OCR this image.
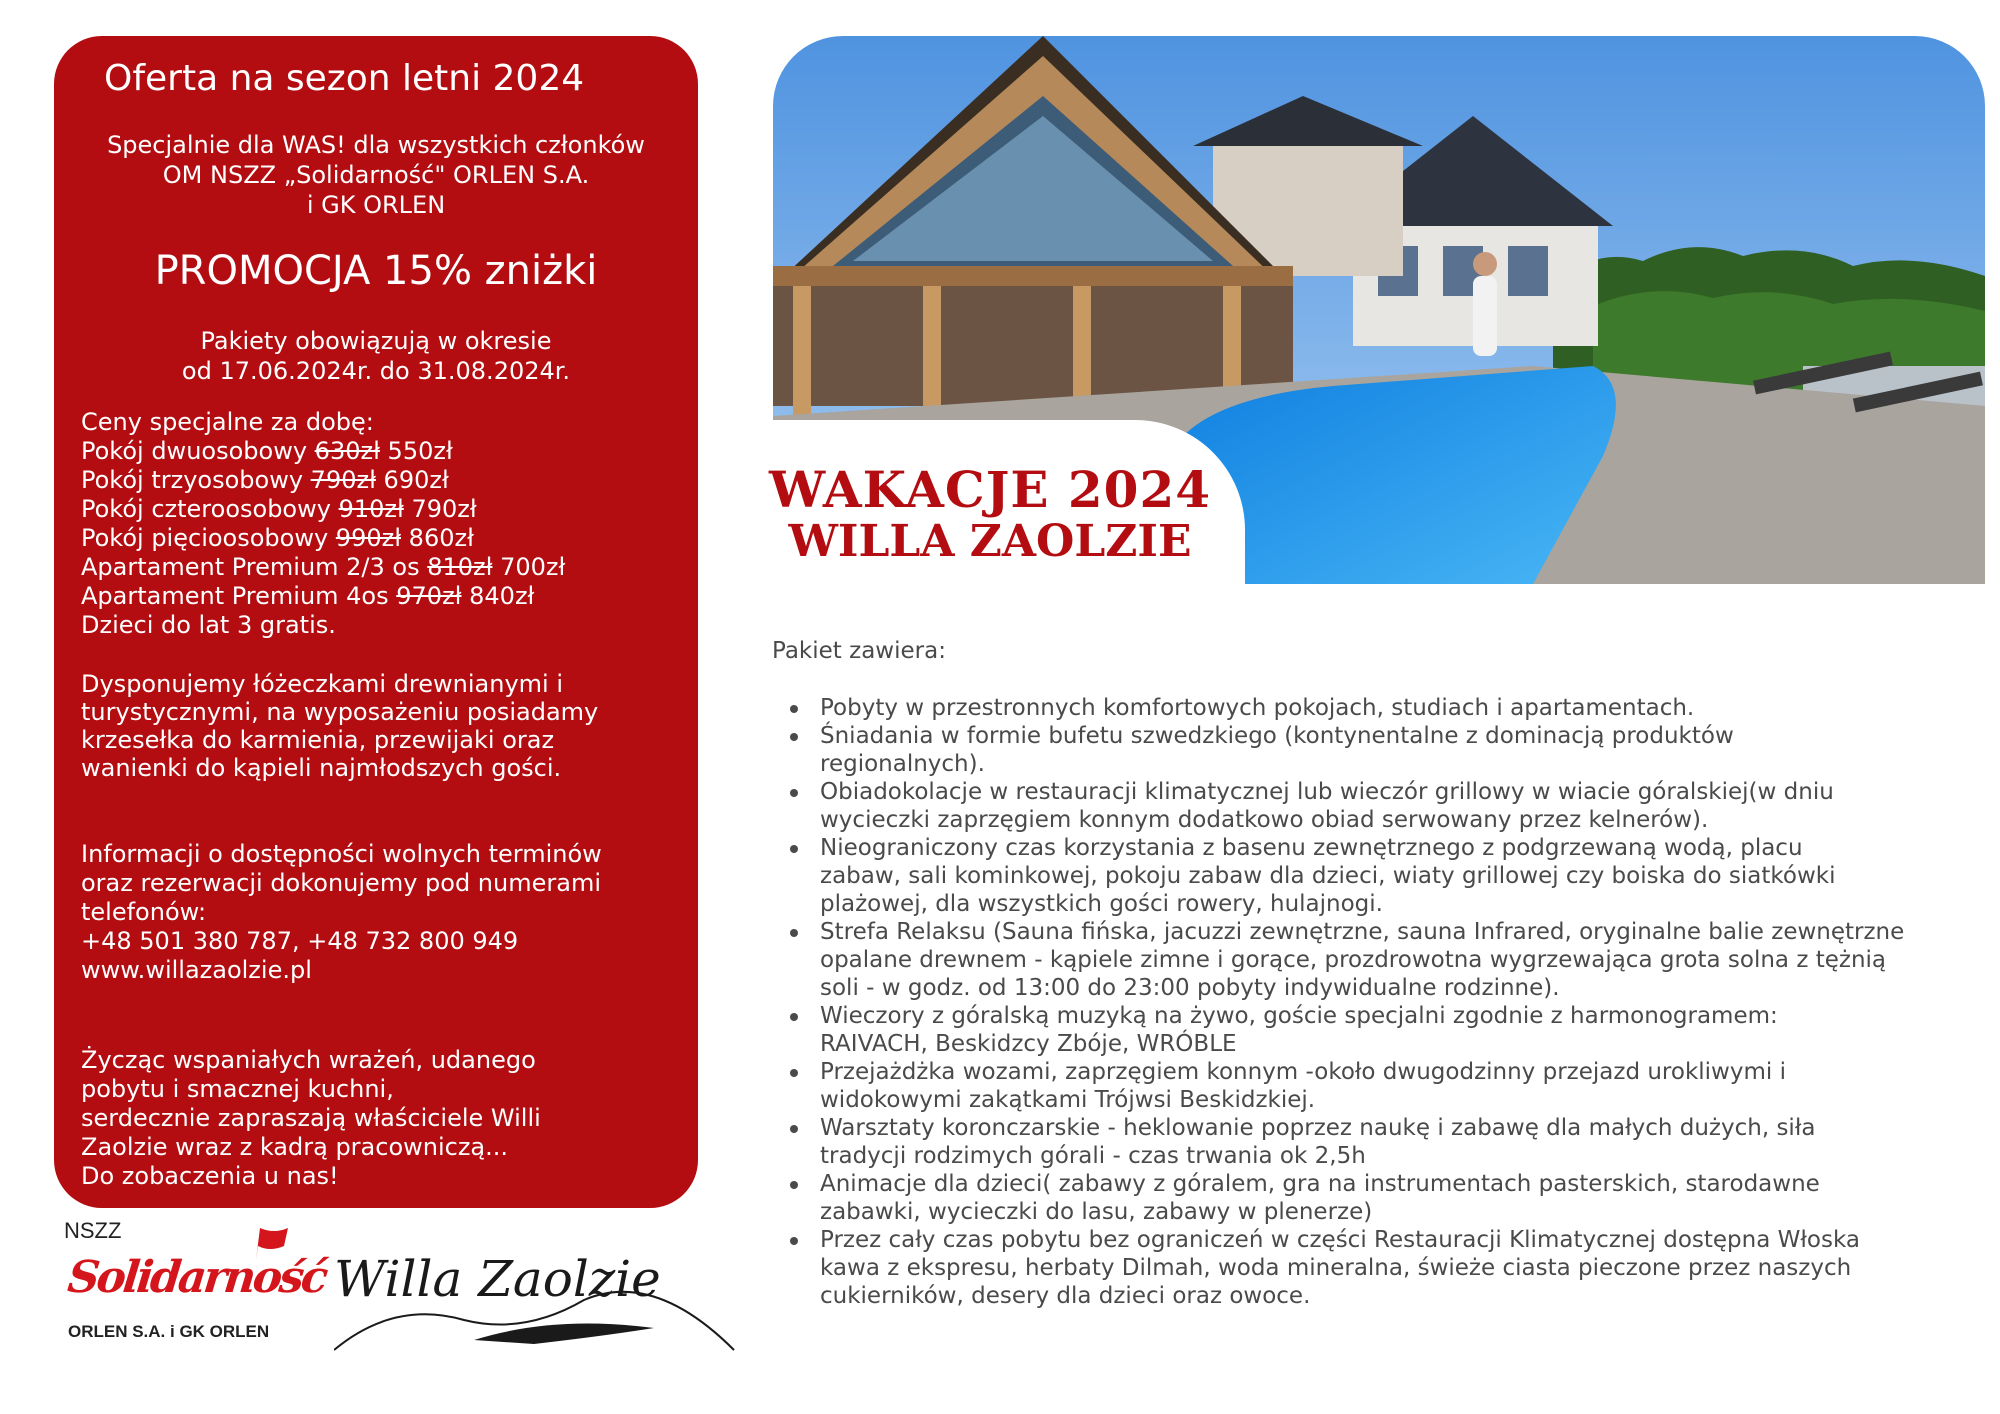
Oferta na sezon letni 2024
Specjalnie dla WAS! dla wszystkich członków
OM NSZZ „Solidarność" ORLEN S.A.
i GK ORLEN
PROMOCJA 15% zniżki
Pakiety obowiązują w okresie
od 17.06.2024r. do 31.08.2024r.
Ceny specjalne za dobę:
Pokój dwuosobowy 630zł 550zł
Pokój trzyosobowy 790zł 690zł
Pokój czteroosobowy 910zł 790zł
Pokój pięcioosobowy 990zł 860zł
Apartament Premium 2/3 os 810zł 700zł
Apartament Premium 4os 970zł 840zł
Dzieci do lat 3 gratis.
Dysponujemy łóżeczkami drewnianymi i
turystycznymi, na wyposażeniu posiadamy
krzesełka do karmienia, przewijaki oraz
wanienki do kąpieli najmłodszych gości.
Informacji o dostępności wolnych terminów
oraz rezerwacji dokonujemy pod numerami
telefonów:
+48 501 380 787, +48 732 800 949
www.willazaolzie.pl
Życząc wspaniałych wrażeń, udanego
pobytu i smacznej kuchni,
serdecznie zapraszają właściciele Willi
Zaolzie wraz z kadrą pracowniczą...
Do zobaczenia u nas!
WAKACJE 2024
WILLA ZAOLZIE
Pakiet zawiera:
Pobyty w przestronnych komfortowych pokojach, studiach i apartamentach.
Śniadania w formie bufetu szwedzkiego (kontynentalne z dominacją produktów
regionalnych).
Obiadokolacje w restauracji klimatycznej lub wieczór grillowy w wiacie góralskiej(w dniu
wycieczki zaprzęgiem konnym dodatkowo obiad serwowany przez kelnerów).
Nieograniczony czas korzystania z basenu zewnętrznego z podgrzewaną wodą, placu
zabaw, sali kominkowej, pokoju zabaw dla dzieci, wiaty grillowej czy boiska do siatkówki
plażowej, dla wszystkich gości rowery, hulajnogi.
Strefa Relaksu (Sauna fińska, jacuzzi zewnętrzne, sauna Infrared, oryginalne balie zewnętrzne
opalane drewnem - kąpiele zimne i gorące, prozdrowotna wygrzewająca grota solna z tężnią
soli - w godz. od 13:00 do 23:00 pobyty indywidualne rodzinne).
Wieczory z góralską muzyką na żywo, goście specjalni zgodnie z harmonogramem:
RAIVACH, Beskidzcy Zbóje, WRÓBLE
Przejażdżka wozami, zaprzęgiem konnym -około dwugodzinny przejazd urokliwymi i
widokowymi zakątkami Trójwsi Beskidzkiej.
Warsztaty koronczarskie - heklowanie poprzez naukę i zabawę dla małych dużych, siła
tradycji rodzimych górali - czas trwania ok 2,5h
Animacje dla dzieci( zabawy z góralem, gra na instrumentach pasterskich, starodawne
zabawki, wycieczki do lasu, zabawy w plenerze)
Przez cały czas pobytu bez ograniczeń w części Restauracji Klimatycznej dostępna Włoska
kawa z ekspresu, herbaty Dilmah, woda mineralna, świeże ciasta pieczone przez naszych
cukierników, desery dla dzieci oraz owoce.
NSZZ
Solidarność
ORLEN S.A. i GK ORLEN
Willa Zaolzie
